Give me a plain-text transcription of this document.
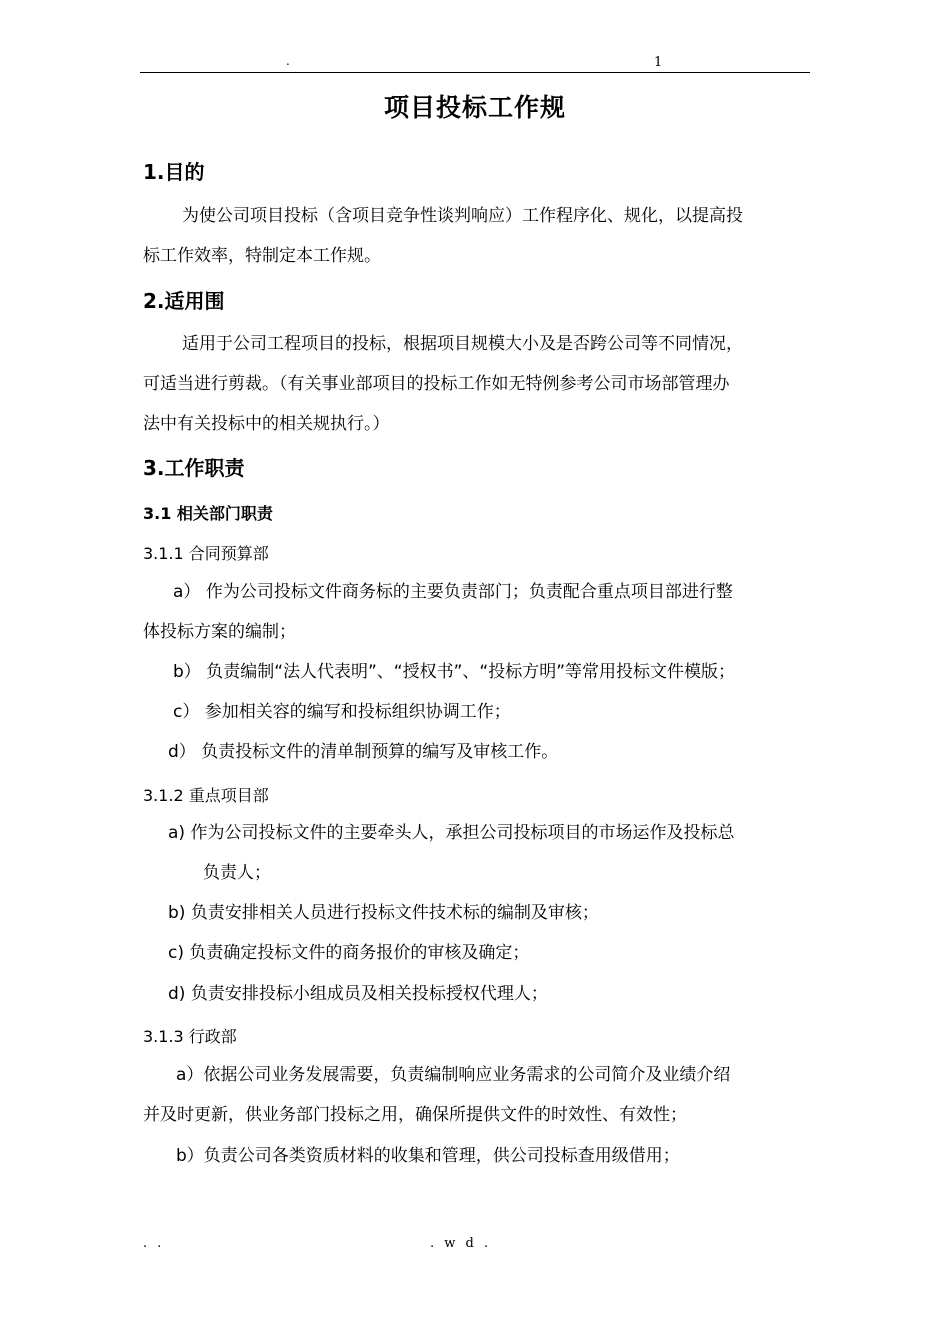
.	1
项目投标工作规
1.目的
为使公司项目投标（含项目竞争性谈判响应）工作程序化、规化，以提高投
标工作效率，特制定本工作规。
2.适用围
适用于公司工程项目的投标，根据项目规模大小及是否跨公司等不同情况，
可适当进行剪裁。（有关事业部项目的投标工作如无特例参考公司市场部管理办
法中有关投标中的相关规执行。）
3.工作职责
3.1 相关部门职责
3.1.1 合同预算部
a） 作为公司投标文件商务标的主要负责部门；负责配合重点项目部进行整
体投标方案的编制；
b） 负责编制“法人代表明”、“授权书”、“投标方明”等常用投标文件模版；
c） 参加相关容的编写和投标组织协调工作；
d） 负责投标文件的清单制预算的编写及审核工作。
3.1.2 重点项目部
a) 作为公司投标文件的主要牵头人，承担公司投标项目的市场运作及投标总
负责人；
b) 负责安排相关人员进行投标文件技术标的编制及审核；
c) 负责确定投标文件的商务报价的审核及确定；
d) 负责安排投标小组成员及相关投标授权代理人；
3.1.3 行政部
a）依据公司业务发展需要，负责编制响应业务需求的公司简介及业绩介绍
并及时更新，供业务部门投标之用，确保所提供文件的时效性、有效性；
b）负责公司各类资质材料的收集和管理，供公司投标查用级借用；
. .	. w d .
